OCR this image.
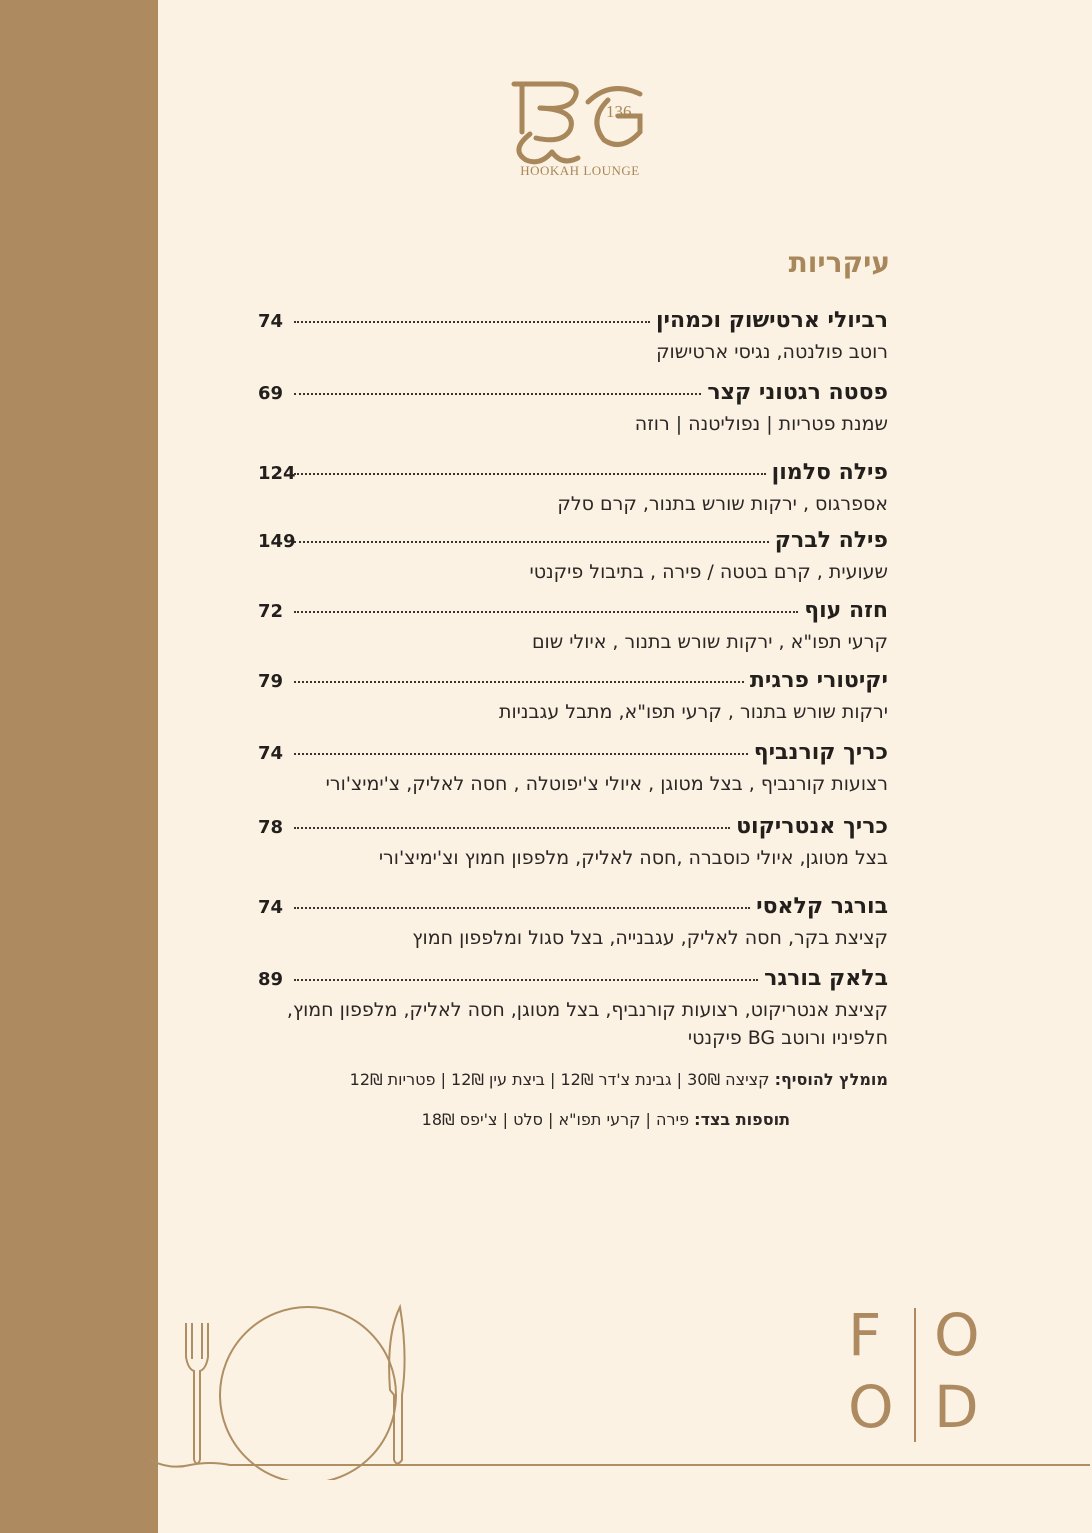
136
HOOKAH LOUNGE
עיקריות
רביולי ארטישוק וכמהין
74
רוטב פולנטה, נגיסי ארטישוק
פסטה רגטוני קצר
69
שמנת פטריות | נפוליטנה | רוזה
פילה סלמון
124
אספרגוס , ירקות שורש בתנור, קרם סלק
פילה לברק
149
שעועית , קרם בטטה / פירה , בתיבול פיקנטי
חזה עוף
72
קרעי תפו"א , ירקות שורש בתנור , איולי שום
יקיטורי פרגית
79
ירקות שורש בתנור , קרעי תפו"א, מתבל עגבניות
כריך קורנביף
74
רצועות קורנביף , בצל מטוגן , איולי צ'יפוטלה , חסה לאליק, צ'ימיצ'ורי
כריך אנטריקוט
78
בצל מטוגן, איולי כוסברה ,חסה לאליק, מלפפון חמוץ וצ'ימיצ'ורי
בורגר קלאסי
74
קציצת בקר, חסה לאליק, עגבנייה, בצל סגול ומלפפון חמוץ
בלאק בורגר
89
קציצת אנטריקוט, רצועות קורנביף, בצל מטוגן, חסה לאליק, מלפפון חמוץ, חלפיניו ורוטב BG פיקנטי
מומלץ להוסיף: קציצה 30₪ | גבינת צ'דר 12₪ | ביצת עין 12₪ | פטריות 12₪
תוספות בצד: פירה | קרעי תפו"א | סלט | צ'יפס 18₪
F O
O D
